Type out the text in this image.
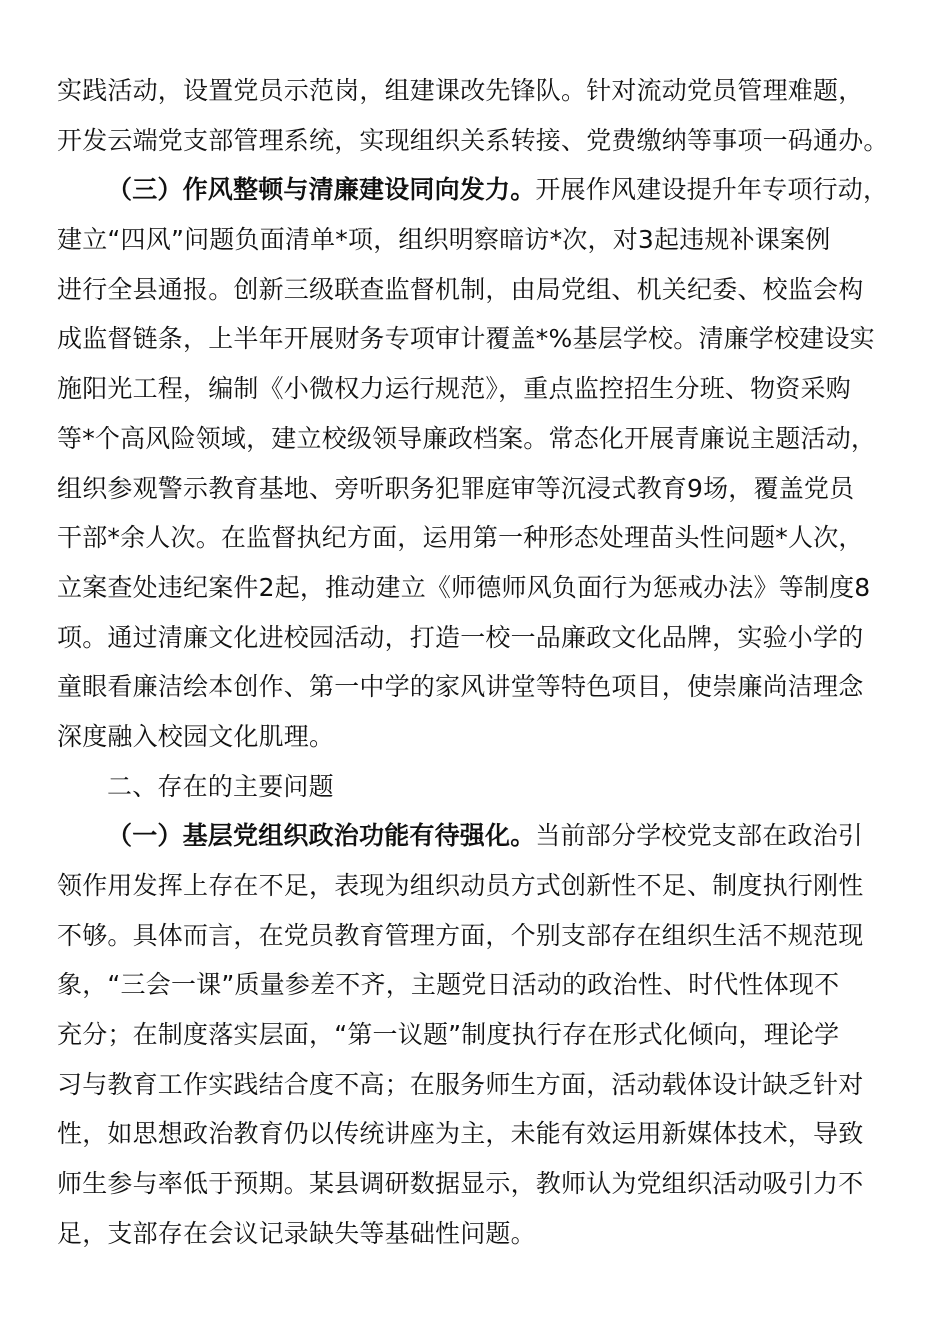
实践活动，设置党员示范岗，组建课改先锋队。针对流动党员管理难题，
开发云端党支部管理系统，实现组织关系转接、党费缴纳等事项一码通办。
（三）作风整顿与清廉建设同向发力。开展作风建设提升年专项行动，
建立“四风”问题负面清单*项，组织明察暗访*次，对3起违规补课案例
进行全县通报。创新三级联查监督机制，由局党组、机关纪委、校监会构
成监督链条，上半年开展财务专项审计覆盖*%基层学校。清廉学校建设实
施阳光工程，编制《小微权力运行规范》，重点监控招生分班、物资采购
等*个高风险领域，建立校级领导廉政档案。常态化开展青廉说主题活动，
组织参观警示教育基地、旁听职务犯罪庭审等沉浸式教育9场，覆盖党员
干部*余人次。在监督执纪方面，运用第一种形态处理苗头性问题*人次，
立案查处违纪案件2起，推动建立《师德师风负面行为惩戒办法》等制度8
项。通过清廉文化进校园活动，打造一校一品廉政文化品牌，实验小学的
童眼看廉洁绘本创作、第一中学的家风讲堂等特色项目，使崇廉尚洁理念
深度融入校园文化肌理。
二、存在的主要问题
（一）基层党组织政治功能有待强化。当前部分学校党支部在政治引
领作用发挥上存在不足，表现为组织动员方式创新性不足、制度执行刚性
不够。具体而言，在党员教育管理方面，个别支部存在组织生活不规范现
象，“三会一课”质量参差不齐，主题党日活动的政治性、时代性体现不
充分；在制度落实层面，“第一议题”制度执行存在形式化倾向，理论学
习与教育工作实践结合度不高；在服务师生方面，活动载体设计缺乏针对
性，如思想政治教育仍以传统讲座为主，未能有效运用新媒体技术，导致
师生参与率低于预期。某县调研数据显示，教师认为党组织活动吸引力不
足，支部存在会议记录缺失等基础性问题。
